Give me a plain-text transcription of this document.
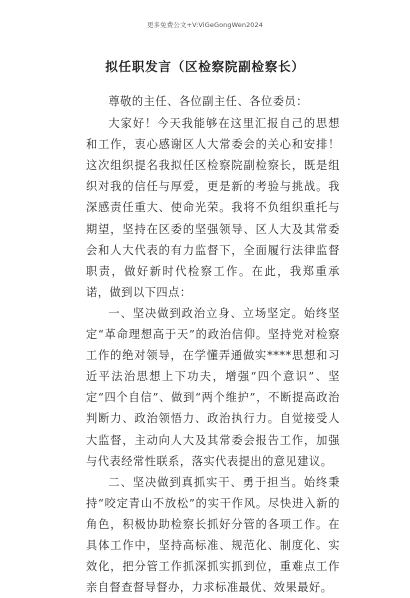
更多免费公文+V:ViGeGongWen2024
拟任职发言（区检察院副检察长）

尊敬的主任、各位副主任、各位委员：

大家好！今天我能够在这里汇报自己的思想和工作，衷心感谢区人大常委会的关心和安排！这次组织提名我拟任区检察院副检察长，既是组织对我的信任与厚爱，更是新的考验与挑战。我深感责任重大、使命光荣。我将不负组织重托与期望，坚持在区委的坚强领导、区人大及其常委会和人大代表的有力监督下，全面履行法律监督职责，做好新时代检察工作。在此，我郑重承诺，做到以下四点：

一、坚决做到政治立身、立场坚定。始终坚定“革命理想高于天”的政治信仰。坚持党对检察工作的绝对领导，在学懂弄通做实****思想和习近平法治思想上下功夫，增强“四个意识”、坚定“四个自信”、做到“两个维护”，不断提高政治判断力、政治领悟力、政治执行力。自觉接受人大监督，主动向人大及其常委会报告工作，加强与代表经常性联系，落实代表提出的意见建议。

二、坚决做到真抓实干、勇于担当。始终秉持“咬定青山不放松”的实干作风。尽快进入新的角色，积极协助检察长抓好分管的各项工作。在具体工作中，坚持高标准、规范化、制度化、实效化，把分管工作抓深抓实抓到位，重难点工作亲自督查督导督办，力求标准最优、效果最好。
